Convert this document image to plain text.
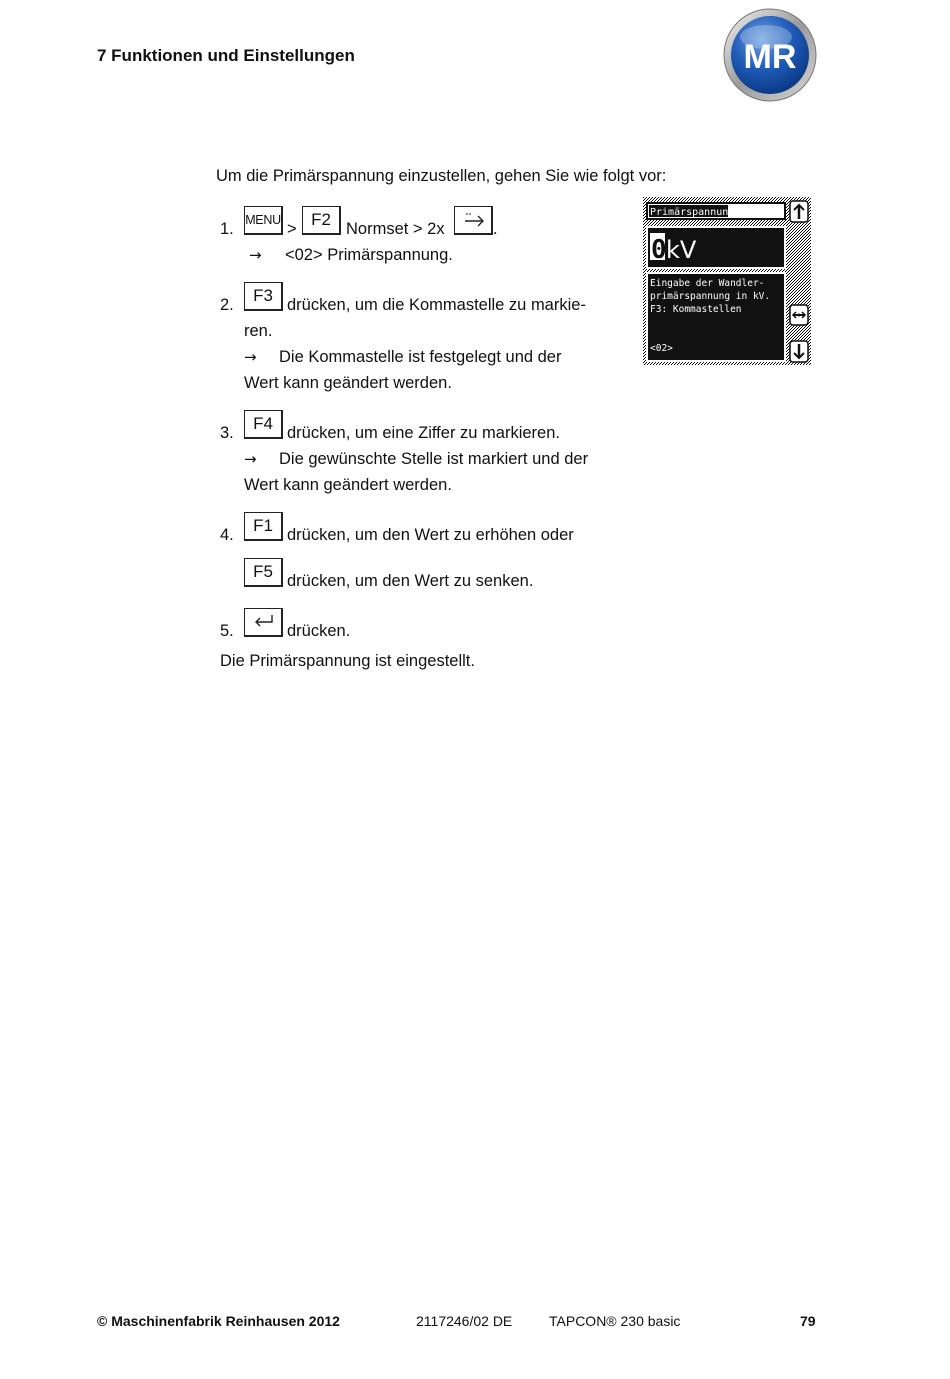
7 Funktionen und Einstellungen	MR
Um die Primärspannung einzustellen, gehen Sie wie folgt vor:
1. MENU > F2 Normset > 2x	.
→ <02> Primärspannung.
2.	F3 drücken, um die Kommastelle zu markie-
ren.
→ Die Kommastelle ist festgelegt und der
Wert kann geändert werden.
3.	F4 drücken, um eine Ziffer zu markieren.
→ Die gewünschte Stelle ist markiert und der
Wert kann geändert werden.
4.	F1 drücken, um den Wert zu erhöhen oder
F5 drücken, um den Wert zu senken.
5.	drücken.
Die Primärspannung ist eingestellt.
Primärspannung
0 kV
Eingabe der Wandler-
primärspannung in kV.
F3: Kommastellen
<02>
© Maschinenfabrik Reinhausen 2012	2117246/02 DE	TAPCON® 230 basic	79
